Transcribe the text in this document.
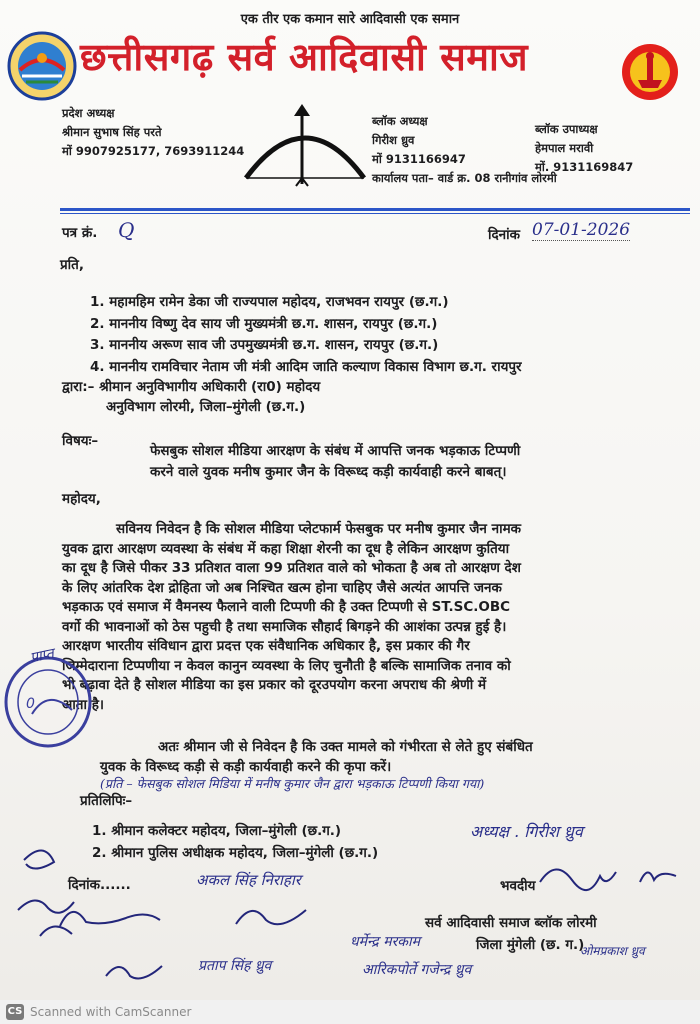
एक तीर एक कमान सारे आदिवासी एक समान
छत्तीसगढ़ सर्व आदिवासी समाज
प्रदेश अध्यक्ष
श्रीमान सुभाष सिंह परते
मों 9907925177, 7693911244
ब्लॉक अध्यक्ष
गिरीश ध्रुव
मों 9131166947
कार्यालय पता– वार्ड क्र. 08 रानीगांव लोरमी
ब्लॉक उपाध्यक्ष
हेमपाल मरावी
मों. 9131169847
पत्र क्रं. Q	दिनांक 07-01-2026
प्रति,
1. महामहिम रामेन डेका जी राज्यपाल महोदय, राजभवन रायपुर (छ.ग.)
2. माननीय विष्णु देव साय जी मुख्यमंत्री छ.ग. शासन, रायपुर (छ.ग.)
3. माननीय अरूण साव जी उपमुख्यमंत्री छ.ग. शासन, रायपुर (छ.ग.)
4. माननीय रामविचार नेताम जी मंत्री आदिम जाति कल्याण विकास विभाग छ.ग. रायपुर
द्वारा:– श्रीमान अनुविभागीय अधिकारी (रा0) महोदय
अनुविभाग लोरमी, जिला–मुंगेली (छ.ग.)
विषयः–
फेसबुक सोशल मीडिया आरक्षण के संबंध में आपत्ति जनक भड़काऊ टिप्पणी
करने वाले युवक मनीष कुमार जैन के विरूध्द कड़ी कार्यवाही करने बाबत्।
महोदय,
सविनय निवेदन है कि सोशल मीडिया प्लेटफार्म फेसबुक पर मनीष कुमार जैन नामक
युवक द्वारा आरक्षण व्यवस्था के संबंध में कहा शिक्षा शेरनी का दूध है लेकिन आरक्षण कुतिया
का दूध है जिसे पीकर 33 प्रतिशत वाला 99 प्रतिशत वाले को भोकता है अब तो आरक्षण देश
के लिए आंतरिक देश द्रोहिता जो अब निश्चित खत्म होना चाहिए जैसे अत्यंत आपत्ति जनक
भड़काऊ एवं समाज में वैमनस्य फैलाने वाली टिप्पणी की है उक्त टिप्पणी से ST.SC.OBC
वर्गो की भावनाओं को ठेस पहुची है तथा समाजिक सौहार्द बिगड़ने की आशंका उत्पन्न हुई है।
आरक्षण भारतीय संविधान द्वारा प्रदत्त एक संवैधानिक अधिकार है, इस प्रकार की गैर
जिम्मेदाराना टिप्पणीया न केवल कानुन व्यवस्था के लिए चुनौती है बल्कि सामाजिक तनाव को
भी बढ़ावा देते है सोशल मीडिया का इस प्रकार को दूरउपयोग करना अपराध की श्रेणी में
आता है।
अतः श्रीमान जी से निवेदन है कि उक्त मामले को गंभीरता से लेते हुए संबंधित
युवक के विरूध्द कड़ी से कड़ी कार्यवाही करने की कृपा करें।
(प्रति – फेसबुक सोशल मिडिया में मनीष कुमार जैन द्वारा भड़काऊ टिप्पणी किया गया)
प्रतिलिपिः–
1. श्रीमान कलेक्टर महोदय, जिला–मुंगेली (छ.ग.)
2. श्रीमान पुलिस अधीक्षक महोदय, जिला–मुंगेली (छ.ग.)
अध्यक्ष . गिरीश ध्रुव
0
प्राप्त
दिनांक......	अकल सिंह निराहार	भवदीय
सर्व आदिवासी समाज ब्लॉक लोरमी
धर्मेन्द्र मरकाम	जिला मुंगेली (छ. ग.)
प्रताप सिंह ध्रुव	आरिकपोर्ते गजेन्द्र ध्रुव
ओमप्रकाश ध्रुव
CS Scanned with CamScanner
